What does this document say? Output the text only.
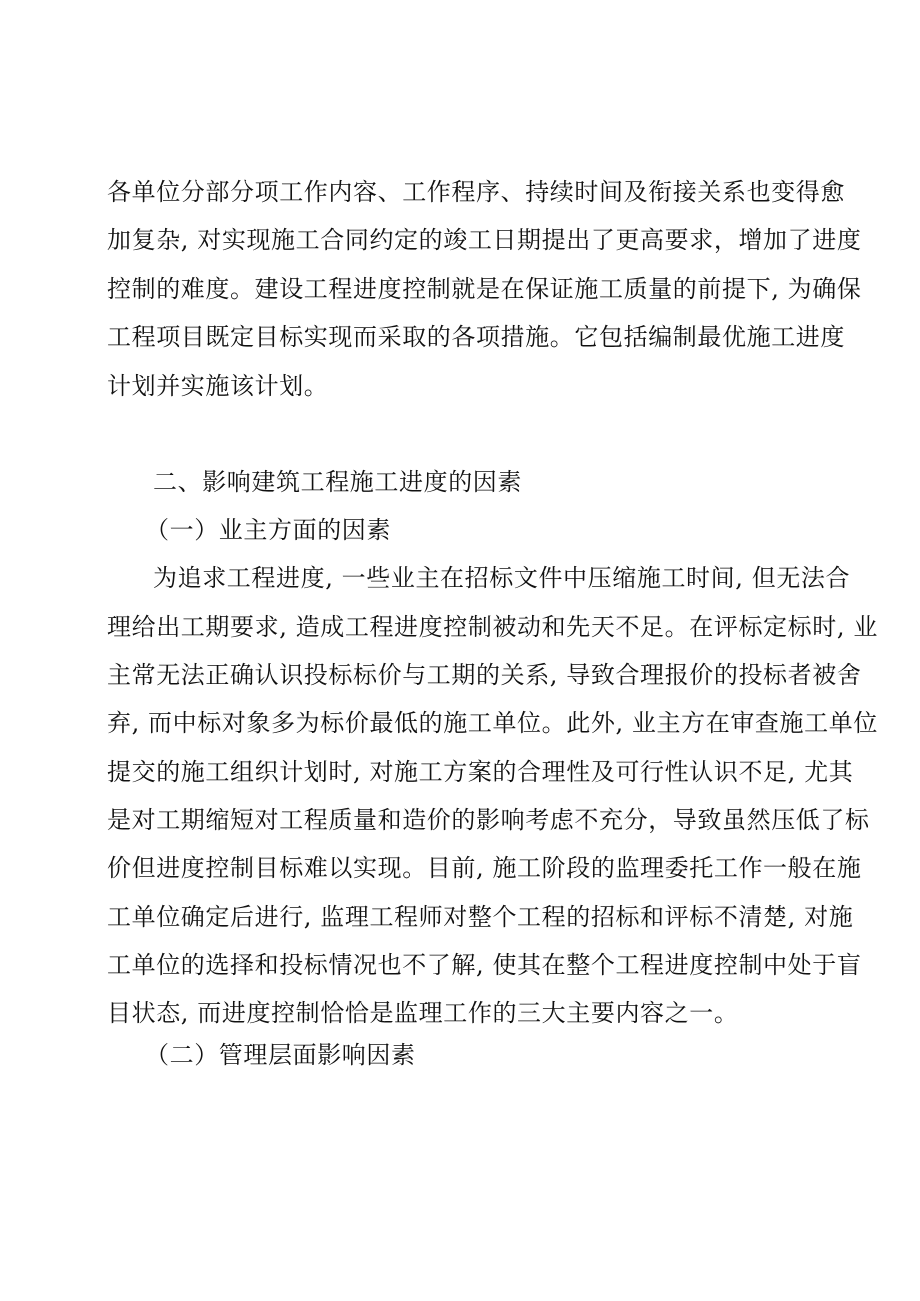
各单位分部分项工作内容、工作程序、持续时间及衔接关系也变得愈
加复杂, 对实现施工合同约定的竣工日期提出了更高要求，增加了进度
控制的难度。建设工程进度控制就是在保证施工质量的前提下, 为确保
工程项目既定目标实现而采取的各项措施。它包括编制最优施工进度
计划并实施该计划。
二、影响建筑工程施工进度的因素
（一）业主方面的因素
为追求工程进度, 一些业主在招标文件中压缩施工时间, 但无法合
理给出工期要求, 造成工程进度控制被动和先天不足。在评标定标时, 业
主常无法正确认识投标标价与工期的关系, 导致合理报价的投标者被舍
弃, 而中标对象多为标价最低的施工单位。此外, 业主方在审查施工单位
提交的施工组织计划时, 对施工方案的合理性及可行性认识不足, 尤其
是对工期缩短对工程质量和造价的影响考虑不充分，导致虽然压低了标
价但进度控制目标难以实现。目前, 施工阶段的监理委托工作一般在施
工单位确定后进行, 监理工程师对整个工程的招标和评标不清楚, 对施
工单位的选择和投标情况也不了解, 使其在整个工程进度控制中处于盲
目状态, 而进度控制恰恰是监理工作的三大主要内容之一。
（二）管理层面影响因素
